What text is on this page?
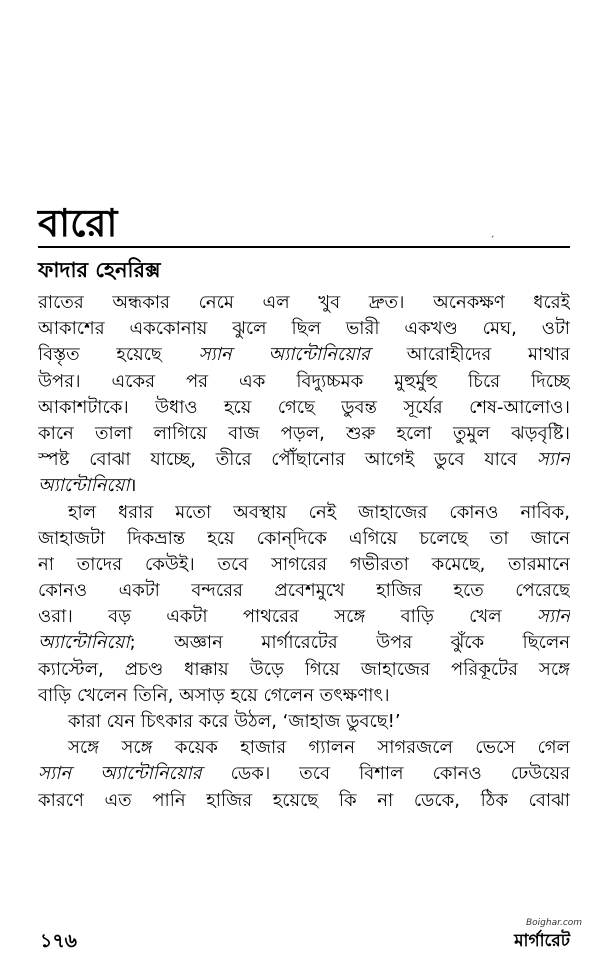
বারো	ˊ
ফাদার হেনরিক্স
রাতের অন্ধকার নেমে এল খুব দ্রুত। অনেকক্ষণ ধরেই
আকাশের এককোনায় ঝুলে ছিল ভারী একখণ্ড মেঘ, ওটা
বিস্তৃত হয়েছে স্যান অ্যান্টোনিয়োর আরোহীদের মাথার
উপর। একের পর এক বিদ্যুচ্চমক মুহুর্মুহু চিরে দিচ্ছে
আকাশটাকে। উধাও হয়ে গেছে ডুবন্ত সূর্যের শেষ-আলোও।
কানে তালা লাগিয়ে বাজ পড়ল, শুরু হলো তুমুল ঝড়বৃষ্টি।
স্পষ্ট বোঝা যাচ্ছে, তীরে পৌঁছানোর আগেই ডুবে যাবে স্যান
অ্যান্টোনিয়ো।
হাল ধরার মতো অবস্থায় নেই জাহাজের কোনও নাবিক,
জাহাজটা দিকভ্রান্ত হয়ে কোন্‌দিকে এগিয়ে চলেছে তা জানে
না তাদের কেউই। তবে সাগরের গভীরতা কমেছে, তারমানে
কোনও একটা বন্দরের প্রবেশমুখে হাজির হতে পেরেছে
ওরা। বড় একটা পাথরের সঙ্গে বাড়ি খেল স্যান
অ্যান্টোনিয়ো; অজ্ঞান মার্গারেটের উপর ঝুঁকে ছিলেন
ক্যাস্টেল, প্রচণ্ড ধাক্কায় উড়ে গিয়ে জাহাজের পরিকূটের সঙ্গে
বাড়ি খেলেন তিনি, অসাড় হয়ে গেলেন তৎক্ষণাৎ।
কারা যেন চিৎকার করে উঠল, ‘জাহাজ ডুবছে!’
সঙ্গে সঙ্গে কয়েক হাজার গ্যালন সাগরজলে ভেসে গেল
স্যান অ্যান্টোনিয়োর ডেক। তবে বিশাল কোনও ঢেউয়ের
কারণে এত পানি হাজির হয়েছে কি না ডেকে, ঠিক বোঝা
Boighar.com
১৭৬	মার্গারেট
